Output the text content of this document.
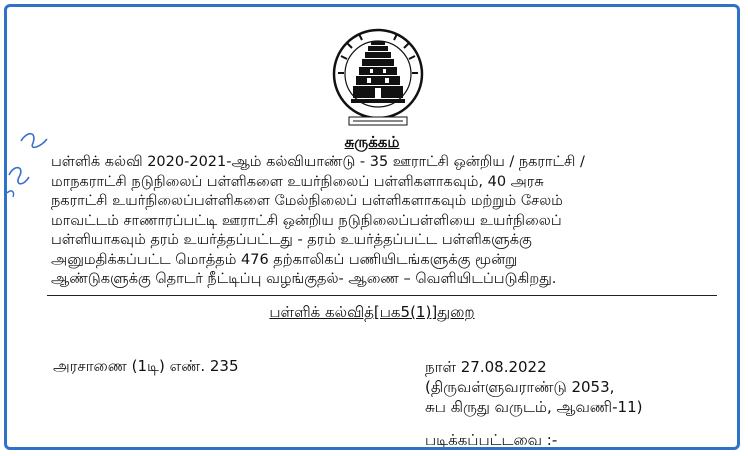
சுருக்கம்
பள்ளிக் கல்வி 2020-2021-ஆம் கல்வியாண்டு - 35 ஊராட்சி ஒன்றிய / நகராட்சி /
மாநகராட்சி நடுநிலைப் பள்ளிகளை உயர்நிலைப் பள்ளிகளாகவும், 40 அரசு
நகராட்சி உயர்நிலைப்பள்ளிகளை மேல்நிலைப் பள்ளிகளாகவும் மற்றும் சேலம்
மாவட்டம் சாணாரப்பட்டி ஊராட்சி ஒன்றிய நடுநிலைப்பள்ளியை உயர்நிலைப்
பள்ளியாகவும் தரம் உயர்த்தப்பட்டது - தரம் உயர்த்தப்பட்ட பள்ளிகளுக்கு
அனுமதிக்கப்பட்ட மொத்தம் 476 தற்காலிகப் பணியிடங்களுக்கு மூன்று
ஆண்டுகளுக்கு தொடர் நீட்டிப்பு வழங்குதல்- ஆணை – வெளியிடப்படுகிறது.
பள்ளிக் கல்வித்[பக5(1)]துறை
அரசாணை (1டி) எண். 235	நாள் 27.08.2022
(திருவள்ளுவராண்டு 2053,
சுப கிருது வருடம், ஆவணி-11)
படிக்கப்பட்டவை :-
